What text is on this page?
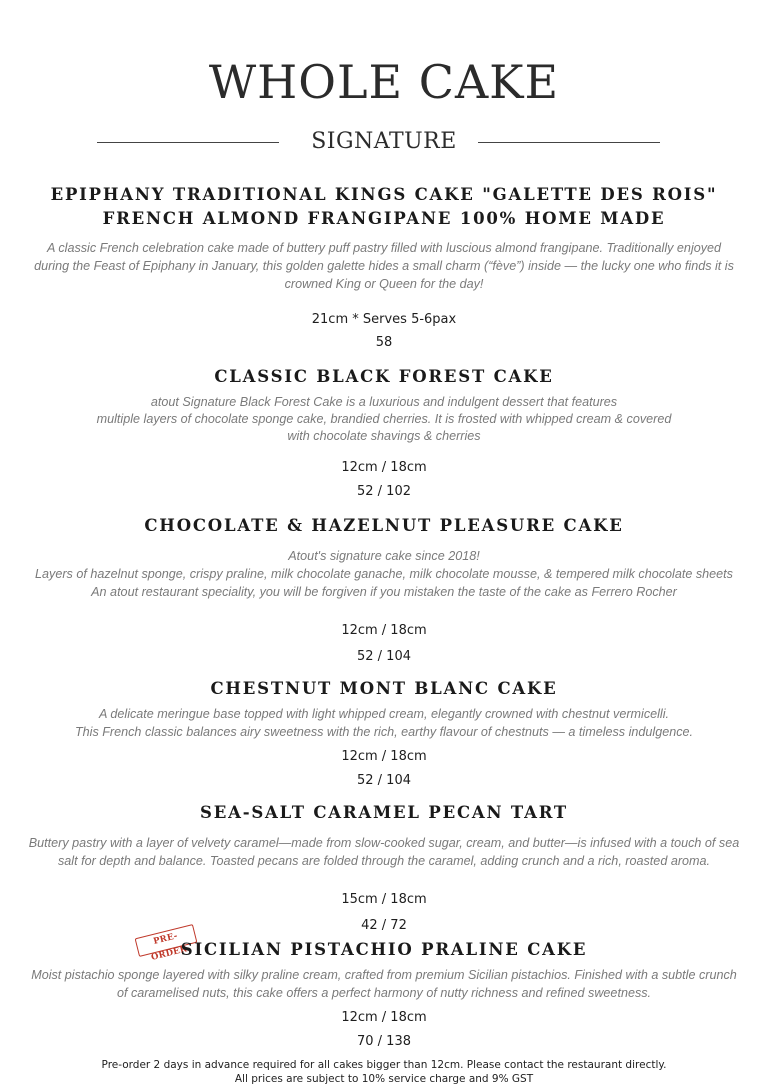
WHOLE CAKE
SIGNATURE
EPIPHANY TRADITIONAL KINGS CAKE "GALETTE DES ROIS"
FRENCH ALMOND FRANGIPANE 100% HOME MADE
A classic French celebration cake made of buttery puff pastry filled with luscious almond frangipane. Traditionally enjoyed
during the Feast of Epiphany in January, this golden galette hides a small charm (“fève”) inside — the lucky one who finds it is
crowned King or Queen for the day!
21cm * Serves 5-6pax
58
CLASSIC BLACK FOREST CAKE
atout Signature Black Forest Cake is a luxurious and indulgent dessert that features
multiple layers of chocolate sponge cake, brandied cherries. It is frosted with whipped cream & covered
with chocolate shavings & cherries
12cm / 18cm
52 / 102
CHOCOLATE & HAZELNUT PLEASURE CAKE
Atout's signature cake since 2018!
Layers of hazelnut sponge, crispy praline, milk chocolate ganache, milk chocolate mousse, & tempered milk chocolate sheets
An atout restaurant speciality, you will be forgiven if you mistaken the taste of the cake as Ferrero Rocher
12cm / 18cm
52 / 104
CHESTNUT MONT BLANC CAKE
A delicate meringue base topped with light whipped cream, elegantly crowned with chestnut vermicelli.
This French classic balances airy sweetness with the rich, earthy flavour of chestnuts — a timeless indulgence.
12cm / 18cm
52 / 104
SEA-SALT CARAMEL PECAN TART
Buttery pastry with a layer of velvety caramel—made from slow-cooked sugar, cream, and butter—is infused with a touch of sea
salt for depth and balance. Toasted pecans are folded through the caramel, adding crunch and a rich, roasted aroma.
15cm / 18cm
42 / 72
PRE-ORDER
SICILIAN PISTACHIO PRALINE CAKE
Moist pistachio sponge layered with silky praline cream, crafted from premium Sicilian pistachios. Finished with a subtle crunch
of caramelised nuts, this cake offers a perfect harmony of nutty richness and refined sweetness.
12cm / 18cm
70 / 138
Pre-order 2 days in advance required for all cakes bigger than 12cm. Please contact the restaurant directly.
All prices are subject to 10% service charge and 9% GST
